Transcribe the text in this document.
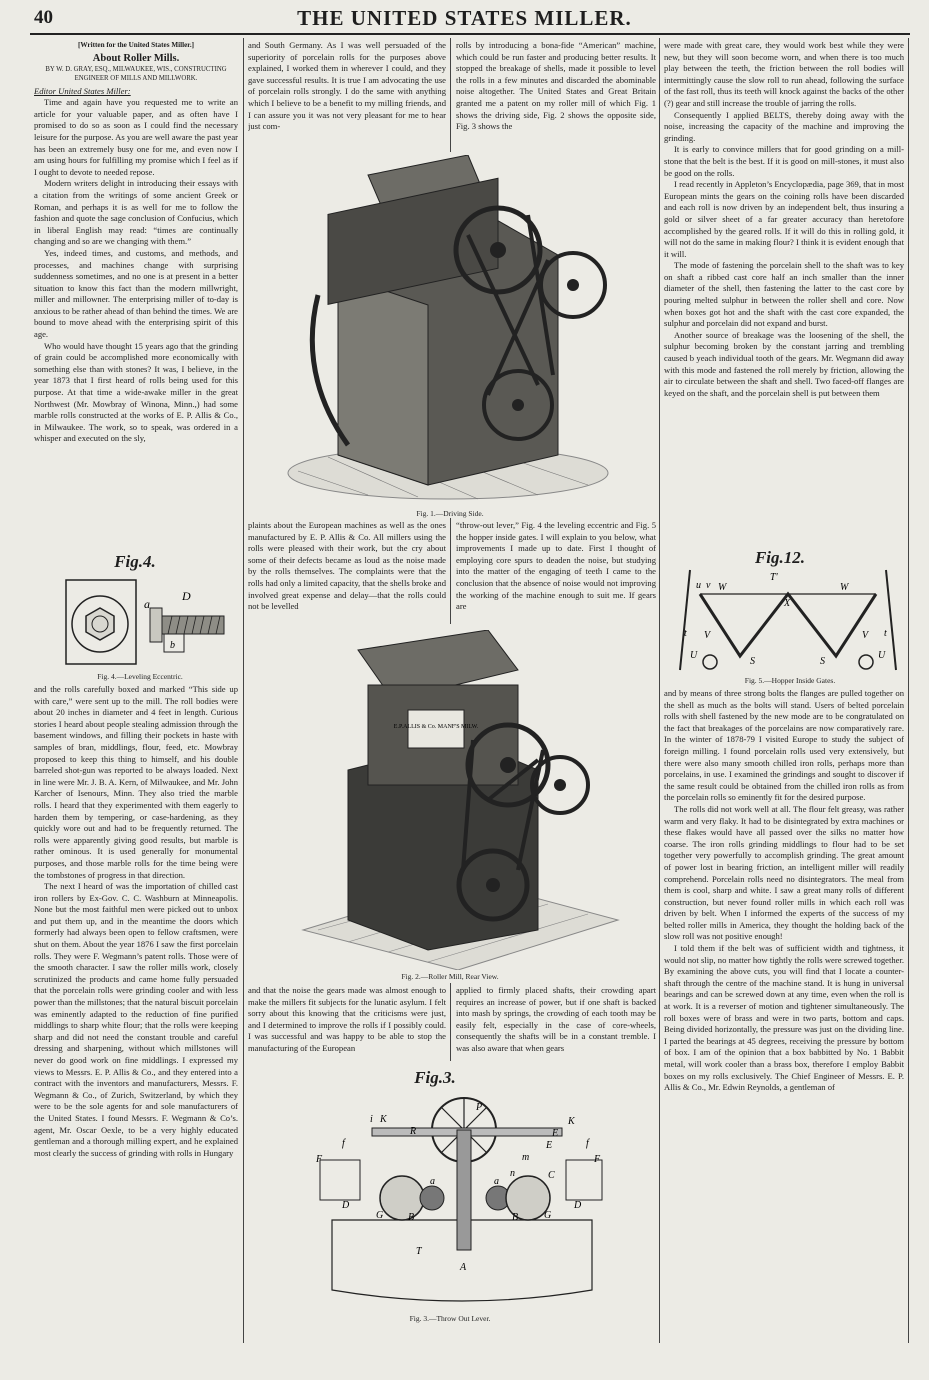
40	THE UNITED STATES MILLER.

[Written for the United States Miller.]

About Roller Mills.

BY W. D. GRAY, ESQ., MILWAUKEE, WIS., CONSTRUCTING ENGINEER OF MILLS AND MILLWORK.

Editor United States Miller:

Time and again have you requested me to write an article for your valuable paper, and as often have I promised to do so as soon as I could find the necessary leisure for the purpose. As you are well aware the past year has been an extremely busy one for me, and even now I am using hours for fulfilling my promise which I feel as if I ought to devote to needed repose.

Modern writers delight in introducing their essays with a citation from the writings of some ancient Greek or Roman, and perhaps it is as well for me to follow the fashion and quote the sage conclusion of Confucius, which in liberal English may read: “times are continually changing and so are we changing with them.”

Yes, indeed times, and customs, and methods, and processes, and machines change with surprising suddenness sometimes, and no one is at present in a better situation to know this fact than the modern millwright, miller and millowner. The enterprising miller of to-day is anxious to be rather ahead of than behind the times. We are bound to move ahead with the enterprising spirit of this age.

Who would have thought 15 years ago that the grinding of grain could be accomplished more economically with something else than with stones? It was, I believe, in the year 1873 that I first heard of rolls being used for this purpose. At that time a wide-awake miller in the great Northwest (Mr. Mowbray of Winona, Minn.,) had some marble rolls constructed at the works of E. P. Allis & Co., in Milwaukee. The work, so to speak, was ordered in a whisper and executed on the sly,

Fig.4.
a
b
D
Fig. 4.—Leveling Eccentric.

and the rolls carefully boxed and marked “This side up with care,” were sent up to the mill. The roll bodies were about 20 inches in diameter and 4 feet in length. Curious stories I heard about people stealing admission through the basement windows, and filling their pockets in haste with samples of bran, middlings, flour, feed, etc. Mowbray proposed to keep this thing to himself, and his double barreled shot-gun was reported to be always loaded. Next in line were Mr. J. B. A. Kern, of Milwaukee, and Mr. John Karcher of Isenours, Minn. They also tried the marble rolls. I heard that they experimented with them eagerly to harden them by tempering, or case-hardening, as they quickly wore out and had to be frequently returned. The rolls were apparently giving good results, but marble is rather ominous. It is used generally for monumental purposes, and those marble rolls for the time being were the tombstones of progress in that direction.

The next I heard of was the importation of chilled cast iron rollers by Ex-Gov. C. C. Washburn at Minneapolis. None but the most faithful men were picked out to unbox and put them up, and in the meantime the doors which formerly had always been open to fellow craftsmen, were shut on them. About the year 1876 I saw the first porcelain rolls. They were F. Wegmann’s patent rolls. Those were of the smooth character. I saw the roller mills work, closely scrutinized the products and came home fully persuaded that the porcelain rolls were grinding cooler and with less power than the millstones; that the natural biscuit porcelain was eminently adapted to the reduction of fine purified middlings to sharp white flour; that the rolls were keeping sharp and did not need the constant trouble and careful dressing and sharpening, without which millstones will never do good work on fine middlings. I expressed my views to Messrs. E. P. Allis & Co., and they entered into a contract with the inventors and manufacturers, Messrs. F. Wegmann & Co., of Zurich, Switzerland, by which they were to be the sole agents for and sole manufacturers of the United States. I found Messrs. F. Wegmann & Co’s. agent, Mr. Oscar Oexle, to be a very highly educated gentleman and a thorough milling expert, and he explained most clearly the success of grinding with rolls in Hungary

and South Germany. As I was well persuaded of the superiority of porcelain rolls for the purposes above explained, I worked them in wherever I could, and they gave successful results. It is true I am advocating the use of porcelain rolls strongly. I do the same with anything which I believe to be a benefit to my milling friends, and I can assure you it was not very pleasant for me to hear just com-

rolls by introducing a bona-fide “American” machine, which could be run faster and producing better results. It stopped the breakage of shells, made it possible to level the rolls in a few minutes and discarded the abominable noise altogether. The United States and Great Britain granted me a patent on my roller mill of which Fig. 1 shows the driving side, Fig. 2 shows the opposite side, Fig. 3 shows the

Fig. 1.—Driving Side.

plaints about the European machines as well as the ones manufactured by E. P. Allis & Co. All millers using the rolls were pleased with their work, but the cry about some of their defects became as loud as the noise made by the rolls themselves. The complaints were that the rolls had only a limited capacity, that the shells broke and involved great expense and delay—that the rolls could not be levelled

“throw-out lever,” Fig. 4 the leveling eccentric and Fig. 5 the hopper inside gates. I will explain to you below, what improvements I made up to date. First I thought of employing core spurs to deaden the noise, but studying into the matter of the engaging of teeth I came to the conclusion that the absence of noise would not improving the working of the machine enough to suit me. If gears are

E.P.ALLIS & Co. MANF'S MILW.
Fig. 2.—Roller Mill, Rear View.

and that the noise the gears made was almost enough to make the millers fit subjects for the lunatic asylum. I felt sorry about this knowing that the criticisms were just, and I determined to improve the rolls if I possibly could. I was successful and was happy to be able to stop the manufacturing of the European

applied to firmly placed shafts, their crowding apart requires an increase of power, but if one shaft is backed into mash by springs, the crowding of each tooth may be easily felt, especially in the case of core-wheels, consequently the shafts will be in a constant tremble. I was also aware that when gears

Fig.3.
i K
R
f
F
D
G B
A
T
P
E
K
m
n
a	a
E
f
F
D
G
B
C
Fig. 3.—Throw Out Lever.

were made with great care, they would work best while they were new, but they will soon become worn, and when there is too much play between the teeth, the friction between the roll bodies will intermittingly cause the slow roll to run ahead, following the surface of the fast roll, thus its teeth will knock against the backs of the other (?) gear and still increase the trouble of jarring the rolls.

Consequently I applied BELTS, thereby doing away with the noise, increasing the capacity of the machine and improving the grinding.

It is early to convince millers that for good grinding on a mill-stone that the belt is the best. If it is good on mill-stones, it must also be good on the rolls.

I read recently in Appleton’s Encyclopædia, page 369, that in most European mints the gears on the coining rolls have been discarded and each roll is now driven by an independent belt, thus insuring a gold or silver sheet of a far greater accuracy than heretofore accomplished by the geared rolls. If it will do this in rolling gold, it will not do the same in making flour? I think it is evident enough that it will.

The mode of fastening the porcelain shell to the shaft was to key on shaft a ribbed cast core half an inch smaller than the inner diameter of the shell, then fastening the latter to the cast core by pouring melted sulphur in between the roller shell and core. Now when boxes got hot and the shaft with the cast core expanded, the sulphur and porcelain did not expand and burst.

Another source of breakage was the loosening of the shell, the sulphur becoming broken by the constant jarring and trembling caused b yeach individual tooth of the gears. Mr. Wegmann did away with this mode and fastened the roll merely by friction, allowing the air to circulate between the shaft and shell. Two faced-off flanges are keyed on the shaft, and the porcelain shell is put between them

Fig.12.
T'
W	W
X
u v
t V
U
S	S
V t
U
Fig. 5.—Hopper Inside Gates.

and by means of three strong bolts the flanges are pulled together on the shell as much as the bolts will stand. Users of belted porcelain rolls with shell fastened by the new mode are to be congratulated on the fact that breakages of the porcelains are now comparatively rare. In the winter of 1878-79 I visited Europe to study the subject of foreign milling. I found porcelain rolls used very extensively, but there were also many smooth chilled iron rolls, perhaps more than porcelains, in use. I examined the grindings and sought to discover if the same result could be obtained from the chilled iron rolls as from the porcelain rolls so eminently fit for the desired purpose.

The rolls did not work well at all. The flour felt greasy, was rather warm and very flaky. It had to be disintegrated by extra machines or these flakes would have all passed over the silks no matter how coarse. The iron rolls grinding middlings to flour had to be set together very powerfully to accomplish grinding. The great amount of power lost in bearing friction, an intelligent miller will readily comprehend. Porcelain rolls need no disintegrators. The meal from them is cool, sharp and white. I saw a great many rolls of different construction, but never found roller mills in which each roll was driven by belt. When I informed the experts of the success of my belted roller mills in America, they thought the holding back of the slow roll was not positive enough!

I told them if the belt was of sufficient width and tightness, it would not slip, no matter how tightly the rolls were screwed together. By examining the above cuts, you will find that I locate a counter-shaft through the centre of the machine stand. It is hung in universal bearings and can be screwed down at any time, even when the roll is at work. It is a reverser of motion and tightener simultaneously. The roll boxes were of brass and were in two parts, bottom and caps. Being divided horizontally, the pressure was just on the dividing line. I parted the bearings at 45 degrees, receiving the pressure by bottom of box. I am of the opinion that a box babbitted by No. 1 Babbit metal, will work cooler than a brass box, therefore I employ Babbit boxes on my rolls exclusively. The Chief Engineer of Messrs. E. P. Allis & Co., Mr. Edwin Reynolds, a gentleman of
